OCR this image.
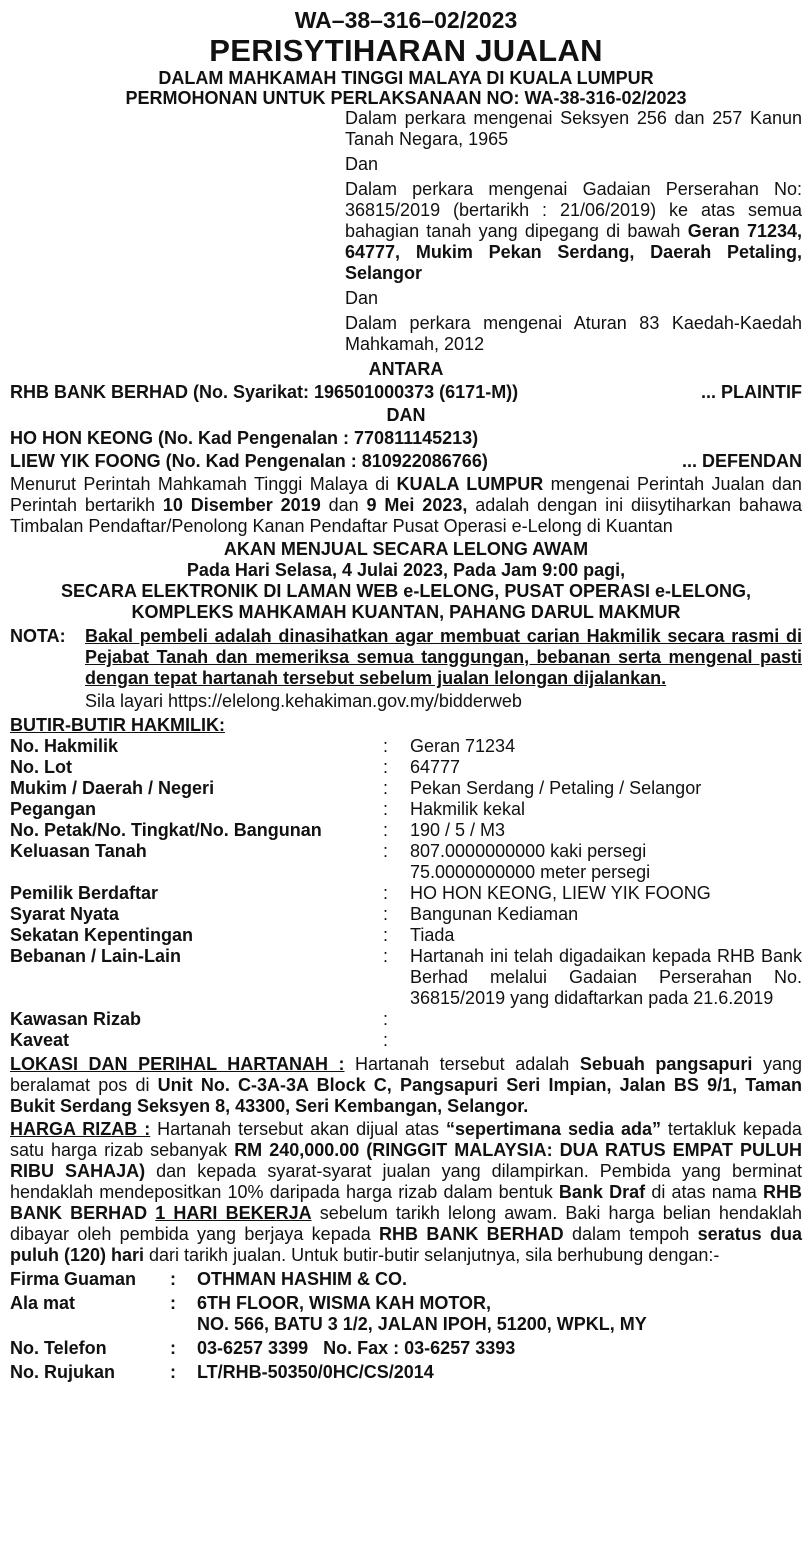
WA–38–316–02/2023
PERISYTIHARAN JUALAN
DALAM MAHKAMAH TINGGI MALAYA DI KUALA LUMPUR
PERMOHONAN UNTUK PERLAKSANAAN NO: WA-38-316-02/2023

Dalam perkara mengenai Seksyen 256 dan 257 Kanun Tanah Negara, 1965

Dan

Dalam perkara mengenai Gadaian Perserahan No: 36815/2019 (bertarikh : 21/06/2019) ke atas semua bahagian tanah yang dipegang di bawah Geran 71234, 64777, Mukim Pekan Serdang, Daerah Petaling, Selangor

Dan

Dalam perkara mengenai Aturan 83 Kaedah-Kaedah Mahkamah, 2012

ANTARA
RHB BANK BERHAD (No. Syarikat: 196501000373 (6171-M))	... PLAINTIF
DAN
HO HON KEONG (No. Kad Pengenalan : 770811145213)
LIEW YIK FOONG (No. Kad Pengenalan : 810922086766)	... DEFENDAN
Menurut Perintah Mahkamah Tinggi Malaya di KUALA LUMPUR mengenai Perintah Jualan dan Perintah bertarikh 10 Disember 2019 dan 9 Mei 2023, adalah dengan ini diisytiharkan bahawa Timbalan Pendaftar/Penolong Kanan Pendaftar Pusat Operasi e-Lelong di Kuantan
AKAN MENJUAL SECARA LELONG AWAM
Pada Hari Selasa, 4 Julai 2023, Pada Jam 9:00 pagi,
SECARA ELEKTRONIK DI LAMAN WEB e-LELONG, PUSAT OPERASI e-LELONG,
KOMPLEKS MAHKAMAH KUANTAN, PAHANG DARUL MAKMUR
NOTA:	Bakal pembeli adalah dinasihatkan agar membuat carian Hakmilik secara rasmi di Pejabat Tanah dan memeriksa semua tanggungan, bebanan serta mengenal pasti dengan tepat hartanah tersebut sebelum jualan lelongan dijalankan.
Sila layari https://elelong.kehakiman.gov.my/bidderweb
BUTIR-BUTIR HAKMILIK:
No. Hakmilik	:	Geran 71234

No. Lot	:	64777

Mukim / Daerah / Negeri	:	Pekan Serdang / Petaling / Selangor

Pegangan	:	Hakmilik kekal

No. Petak/No. Tingkat/No. Bangunan	:	190 / 5 / M3

Keluasan Tanah	:	807.0000000000 kaki persegi
75.0000000000 meter persegi

Pemilik Berdaftar	:	HO HON KEONG, LIEW YIK FOONG

Syarat Nyata	:	Bangunan Kediaman

Sekatan Kepentingan	:	Tiada

Bebanan / Lain-Lain	:	Hartanah ini telah digadaikan kepada RHB Bank Berhad melalui Gadaian Perserahan No. 36815/2019 yang didaftarkan pada 21.6.2019

Kawasan Rizab	:	

Kaveat	:	
LOKASI DAN PERIHAL HARTANAH : Hartanah tersebut adalah Sebuah pangsapuri yang beralamat pos di Unit No. C-3A-3A Block C, Pangsapuri Seri Impian, Jalan BS 9/1, Taman Bukit Serdang Seksyen 8, 43300, Seri Kembangan, Selangor.
HARGA RIZAB : Hartanah tersebut akan dijual atas “sepertimana sedia ada” tertakluk kepada satu harga rizab sebanyak RM 240,000.00 (RINGGIT MALAYSIA: DUA RATUS EMPAT PULUH RIBU SAHAJA) dan kepada syarat-syarat jualan yang dilampirkan. Pembida yang berminat hendaklah mendepositkan 10% daripada harga rizab dalam bentuk Bank Draf di atas nama RHB BANK BERHAD 1 HARI BEKERJA sebelum tarikh lelong awam. Baki harga belian hendaklah dibayar oleh pembida yang berjaya kepada RHB BANK BERHAD dalam tempoh seratus dua puluh (120) hari dari tarikh jualan. Untuk butir-butir selanjutnya, sila berhubung dengan:-
Firma Guaman	:	OTHMAN HASHIM & CO.
Ala mat	:	6TH FLOOR, WISMA KAH MOTOR,
NO. 566, BATU 3 1/2, JALAN IPOH, 51200, WPKL, MY

No. Telefon	:	03-6257 3399 No. Fax : 03-6257 3393
No. Rujukan	:	LT/RHB-50350/0HC/CS/2014
